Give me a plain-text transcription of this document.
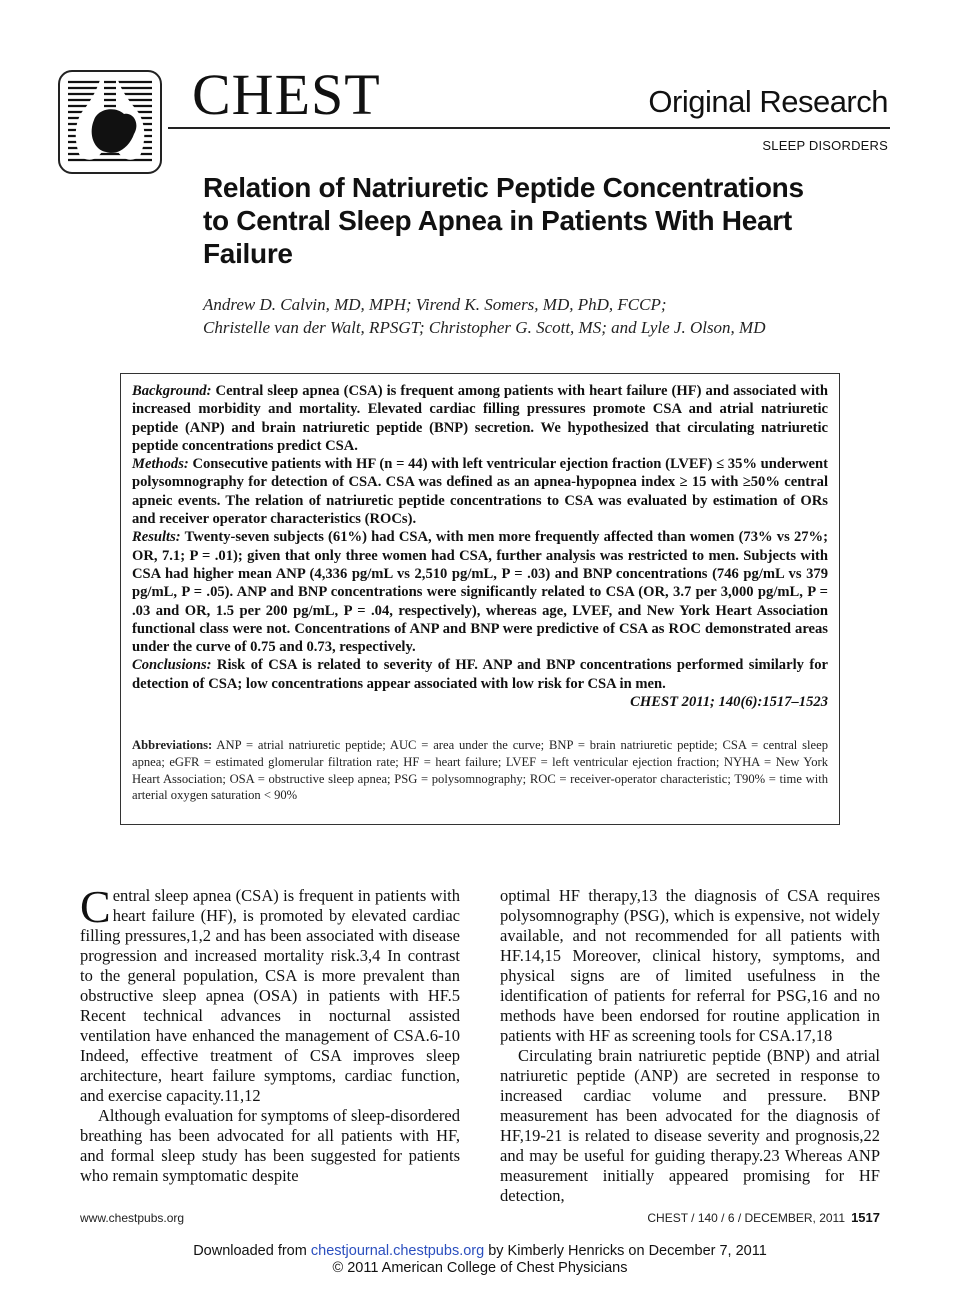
CHEST	Original Research
SLEEP DISORDERS
Relation of Natriuretic Peptide Concentrations to Central Sleep Apnea in Patients With Heart Failure
Andrew D. Calvin, MD, MPH; Virend K. Somers, MD, PhD, FCCP;
Christelle van der Walt, RPSGT; Christopher G. Scott, MS; and Lyle J. Olson, MD

Background: Central sleep apnea (CSA) is frequent among patients with heart failure (HF) and associated with increased morbidity and mortality. Elevated cardiac filling pressures promote CSA and atrial natriuretic peptide (ANP) and brain natriuretic peptide (BNP) secretion. We hypothesized that circulating natriuretic peptide concentrations predict CSA.

Methods: Consecutive patients with HF (n = 44) with left ventricular ejection fraction (LVEF) ≤ 35% underwent polysomnography for detection of CSA. CSA was defined as an apnea-hypopnea index ≥ 15 with ≥50% central apneic events. The relation of natriuretic peptide concentrations to CSA was evaluated by estimation of ORs and receiver operator characteristics (ROCs).

Results: Twenty-seven subjects (61%) had CSA, with men more frequently affected than women (73% vs 27%; OR, 7.1; P = .01); given that only three women had CSA, further analysis was restricted to men. Subjects with CSA had higher mean ANP (4,336 pg/mL vs 2,510 pg/mL, P = .03) and BNP concentrations (746 pg/mL vs 379 pg/mL, P = .05). ANP and BNP concentrations were significantly related to CSA (OR, 3.7 per 3,000 pg/mL, P = .03 and OR, 1.5 per 200 pg/mL, P = .04, respectively), whereas age, LVEF, and New York Heart Association functional class were not. Concentrations of ANP and BNP were predictive of CSA as ROC demonstrated areas under the curve of 0.75 and 0.73, respectively.

Conclusions: Risk of CSA is related to severity of HF. ANP and BNP concentrations performed similarly for detection of CSA; low concentrations appear associated with low risk for CSA in men.

CHEST 2011; 140(6):1517–1523

Abbreviations: ANP = atrial natriuretic peptide; AUC = area under the curve; BNP = brain natriuretic peptide; CSA = central sleep apnea; eGFR = estimated glomerular filtration rate; HF = heart failure; LVEF = left ventricular ejection fraction; NYHA = New York Heart Association; OSA = obstructive sleep apnea; PSG = polysomnography; ROC = receiver-operator characteristic; T90% = time with arterial oxygen saturation < 90%

Central sleep apnea (CSA) is frequent in patients with heart failure (HF), is promoted by elevated cardiac filling pressures,1,2 and has been associated with disease progression and increased mortality risk.3,4 In contrast to the general population, CSA is more prevalent than obstructive sleep apnea (OSA) in patients with HF.5 Recent technical advances in nocturnal assisted ventilation have enhanced the management of CSA.6-10 Indeed, effective treatment of CSA improves sleep architecture, heart failure symptoms, cardiac function, and exercise capacity.11,12

Although evaluation for symptoms of sleep-disordered breathing has been advocated for all patients with HF, and formal sleep study has been suggested for patients who remain symptomatic despite

optimal HF therapy,13 the diagnosis of CSA requires polysomnography (PSG), which is expensive, not widely available, and not recommended for all patients with HF.14,15 Moreover, clinical history, symptoms, and physical signs are of limited usefulness in the identification of patients for referral for PSG,16 and no methods have been endorsed for routine application in patients with HF as screening tools for CSA.17,18

Circulating brain natriuretic peptide (BNP) and atrial natriuretic peptide (ANP) are secreted in response to increased cardiac volume and pressure. BNP measurement has been advocated for the diagnosis of HF,19-21 is related to disease severity and prognosis,22 and may be useful for guiding therapy.23 Whereas ANP measurement initially appeared promising for HF detection,

www.chestpubs.org	CHEST / 140 / 6 / DECEMBER, 2011 1517
Downloaded from chestjournal.chestpubs.org by Kimberly Henricks on December 7, 2011
© 2011 American College of Chest Physicians
